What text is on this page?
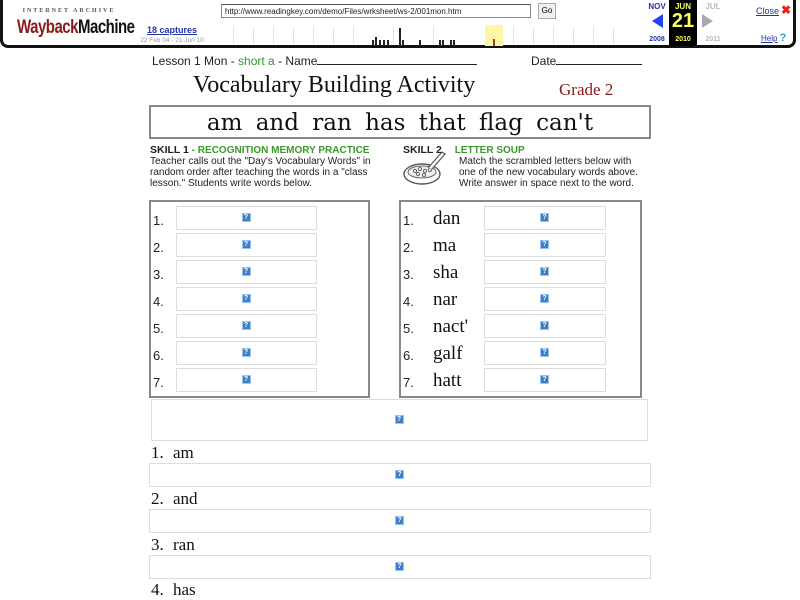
INTERNET ARCHIVE
WaybackMachine	18 captures
22 Feb 04 - 21 Jun 10
http://www.readingkey.com/demo/Files/wrksheet/ws-2/001mon.htm	Go	NOV
2008
JUN
21
2010
JUL
2011
Close ✖
Help ?
Lesson 1 Mon - short a - Name	Date
Vocabulary Building Activity	Grade 2
am and ran has that flag can't
SKILL 1 - RECOGNITION MEMORY PRACTICE
Teacher calls out the "Day's Vocabulary Words" in random order after teaching the words in a "class lesson." Students write words below.
SKILL 2 LETTER SOUP
Match the scrambled letters below with one of the new vocabulary words above. Write answer in space next to the word.
1.	?
2.	?
3.	?
4.	?
5.	?
6.	?
7.	?
1. dan	?
2. ma	?
3. sha	?
4. nar	?
5. nact'	?
6. galf	?
7. hatt	?
?
1. am
?
2. and
?
3. ran
?
4. has
